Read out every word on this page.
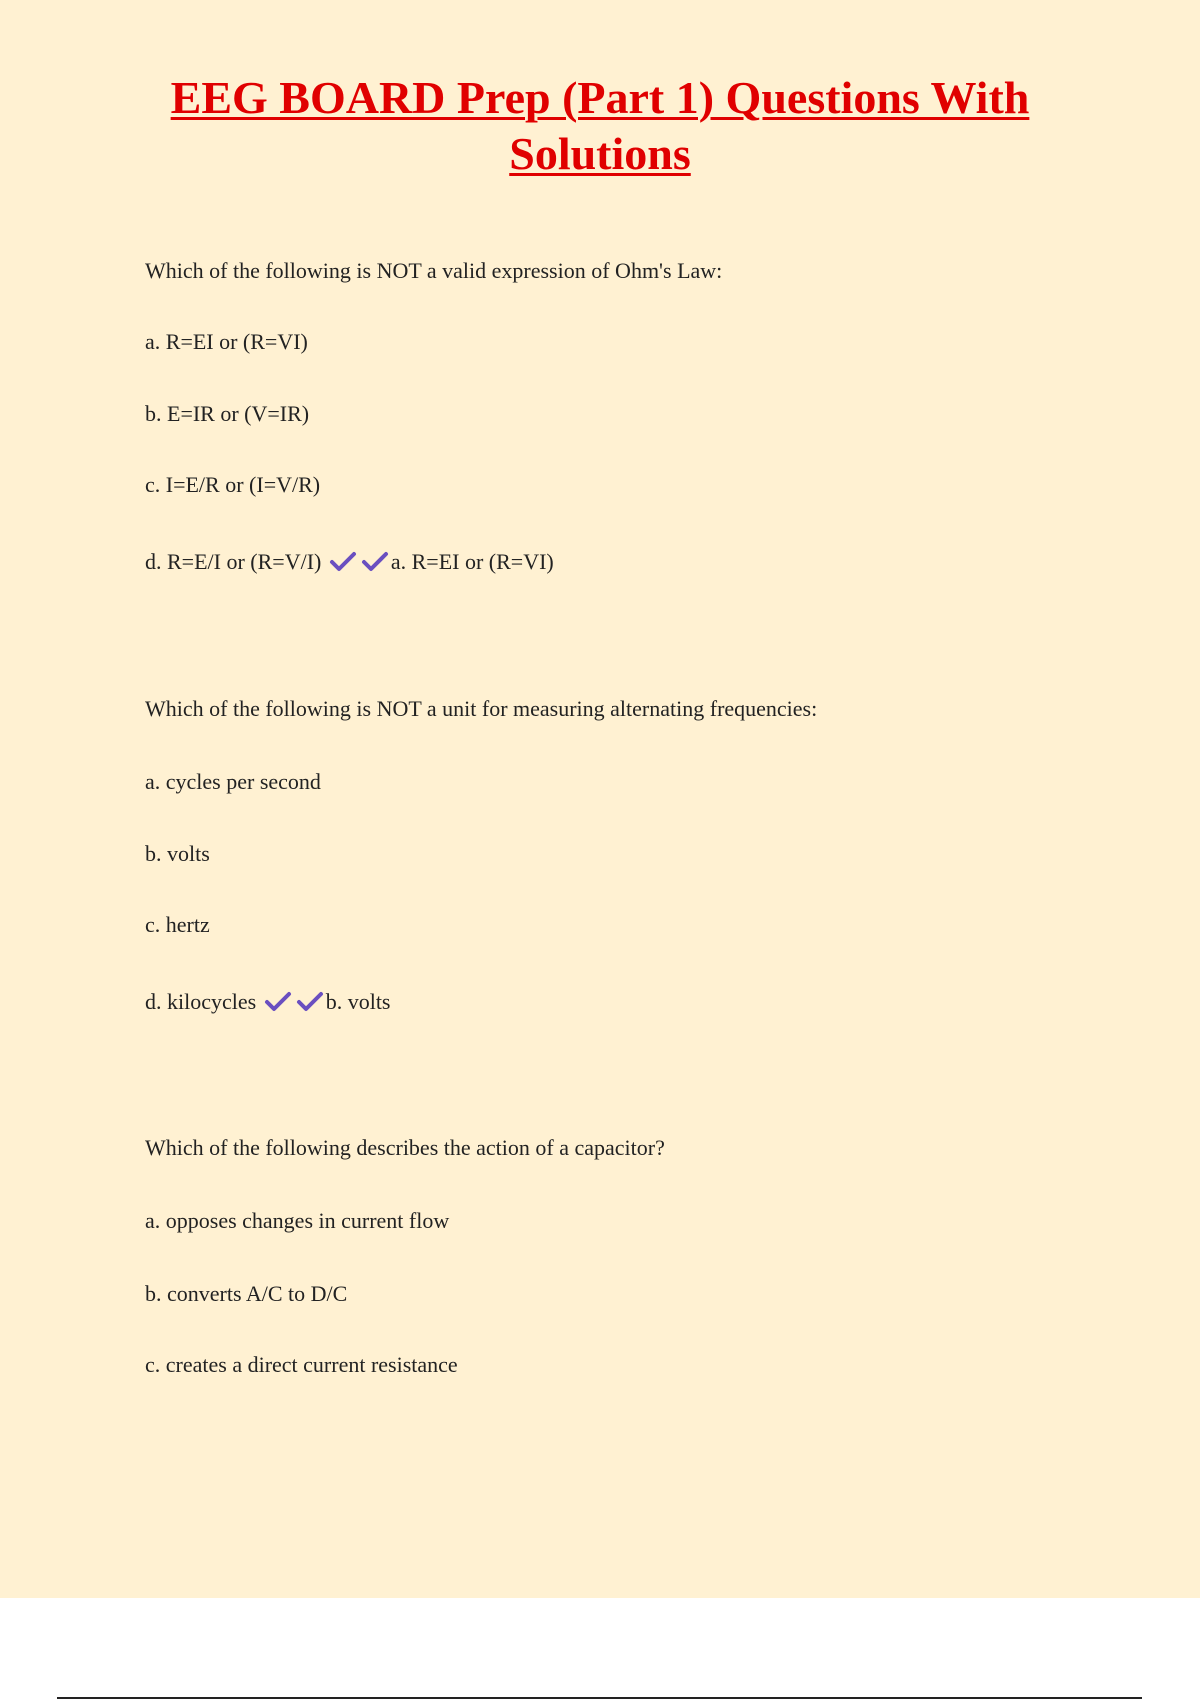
EEG BOARD Prep (Part 1) Questions With
Solutions
Which of the following is NOT a valid expression of Ohm's Law:
a. R=EI or (R=VI)
b. E=IR or (V=IR)
c. I=E/R or (I=V/R)
d. R=E/I or (R=V/I)	a. R=EI or (R=VI)
Which of the following is NOT a unit for measuring alternating frequencies:
a. cycles per second
b. volts
c. hertz
d. kilocycles	b. volts
Which of the following describes the action of a capacitor?
a. opposes changes in current flow
b. converts A/C to D/C
c. creates a direct current resistance
